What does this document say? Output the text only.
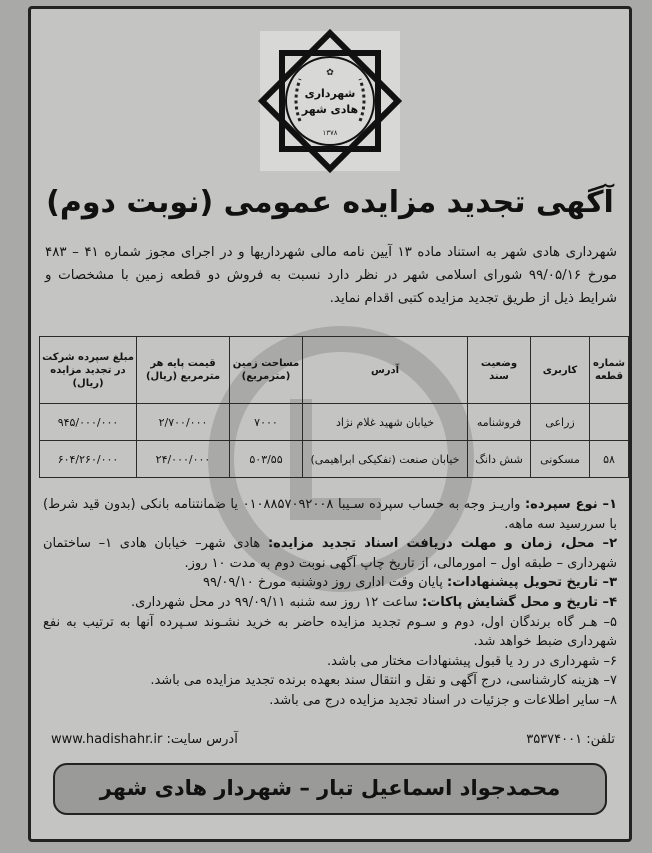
✿
شهرداری
هادی شهر
۱۳۷۸
آگهی تجدید مزایده عمومی (نوبت دوم)
شهرداری هادی شهر به استناد ماده ۱۳ آیین نامه مالی شهرداریها و در اجرای مجوز شماره ۴۱ – ۴۸۳ مورخ ۹۹/۰۵/۱۶ شورای اسلامی شهر در نظر دارد نسبت به فروش دو قطعه زمین با مشخصات و شرایط ذیل از طریق تجدید مزایده کتبی اقدام نماید.
شماره قطعه	کاربری	وضعیت سند	آدرس	مساحت زمین (مترمربع)	قیمت پایه هر مترمربع (ریال)	مبلغ سپرده شرکت در تجدید مزایده (ریال)
	زراعی	فروشنامه	خیابان شهید غلام نژاد	۷۰۰۰	۲/۷۰۰/۰۰۰	۹۴۵/۰۰۰/۰۰۰
۵۸	مسکونی	شش دانگ	خیابان صنعت (تفکیکی ابراهیمی)	۵۰۳/۵۵	۲۴/۰۰۰/۰۰۰	۶۰۴/۲۶۰/۰۰۰

۱– نوع سپرده: واریـز وجه به حساب سپرده سـیبا ۰۱۰۸۸۵۷۰۹۲۰۰۸ یا ضمانتنامه بانکی (بدون قید شرط) با سررسید سه ماهه.

۲– محل، زمان و مهلت دریافت اسناد تجدید مزایده: هادی شهر– خیابان هادی ۱– ساختمان شهرداری – طبقه اول – امورمالی، از تاریخ چاپ آگهی نوبت دوم به مدت ۱۰ روز.

۳– تاریخ تحویل پیشنهادات: پایان وقت اداری روز دوشنبه مورخ ۹۹/۰۹/۱۰

۴– تاریخ و محل گشایش پاکات: ساعت ۱۲ روز سه شنبه ۹۹/۰۹/۱۱ در محل شهرداری.

۵– هـر گاه برندگان اول، دوم و سـوم تجدید مزایده حاضر به خرید نشـوند سـپرده آنها به ترتیب به نفع شهرداری ضبط خواهد شد.

۶– شهرداری در رد یا قبول پیشنهادات مختار می باشد.

۷– هزینه کارشناسی، درج آگهی و نقل و انتقال سند بعهده برنده تجدید مزایده می باشد.

۸– سایر اطلاعات و جزئیات در اسناد تجدید مزایده درج می باشد.

تلفن: ۳۵۳۷۴۰۰۱
آدرس سایت: www.hadishahr.ir
محمدجواد اسماعیل تبار – شهردار هادی شهر
